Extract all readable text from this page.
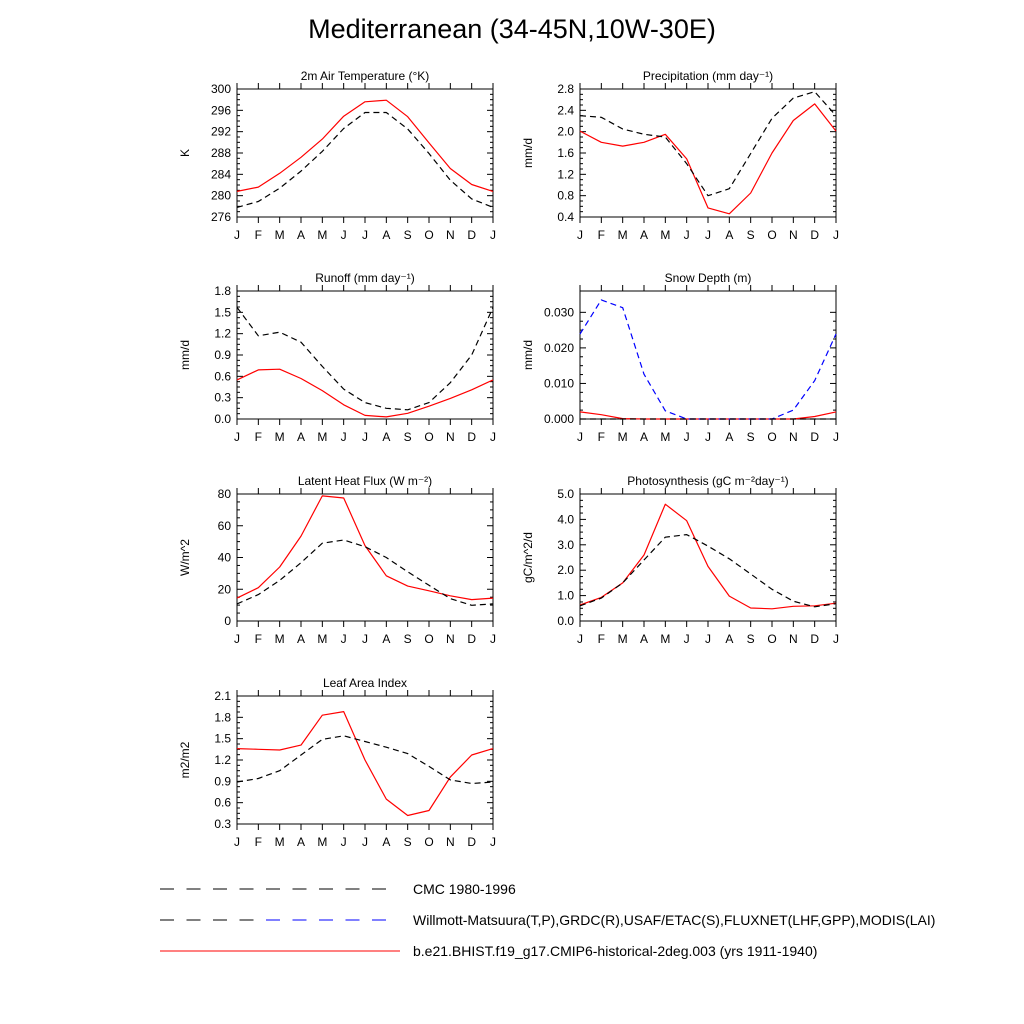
Mediterranean (34-45N,10W-30E)
2m Air Temperature (°K)
K
276
280
284
288
292
296
300
J F M A M J J A S O N D J
Precipitation (mm day⁻¹)
mm/d
0.4
0.8
1.2
1.6
2.0
2.4
2.8
J F M A M J J A S O N D J
Runoff (mm day⁻¹)
mm/d
0.0
0.3
0.6
0.9
1.2
1.5
1.8
J F M A M J J A S O N D J
Snow Depth (m)
mm/d
0.000
0.010
0.020
0.030
J F M A M J J A S O N D J
Latent Heat Flux (W m⁻²)
W/m^2
0
20
40
60
80
J F M A M J J A S O N D J
Photosynthesis (gC m⁻²day⁻¹)
gC/m^2/d
0.0
1.0
2.0
3.0
4.0
5.0
J F M A M J J A S O N D J
Leaf Area Index
m2/m2
0.3
0.6
0.9
1.2
1.5
1.8
2.1
J F M A M J J A S O N D J
CMC 1980-1996
Willmott-Matsuura(T,P),GRDC(R),USAF/ETAC(S),FLUXNET(LHF,GPP),MODIS(LAI)
b.e21.BHIST.f19_g17.CMIP6-historical-2deg.003 (yrs 1911-1940)
